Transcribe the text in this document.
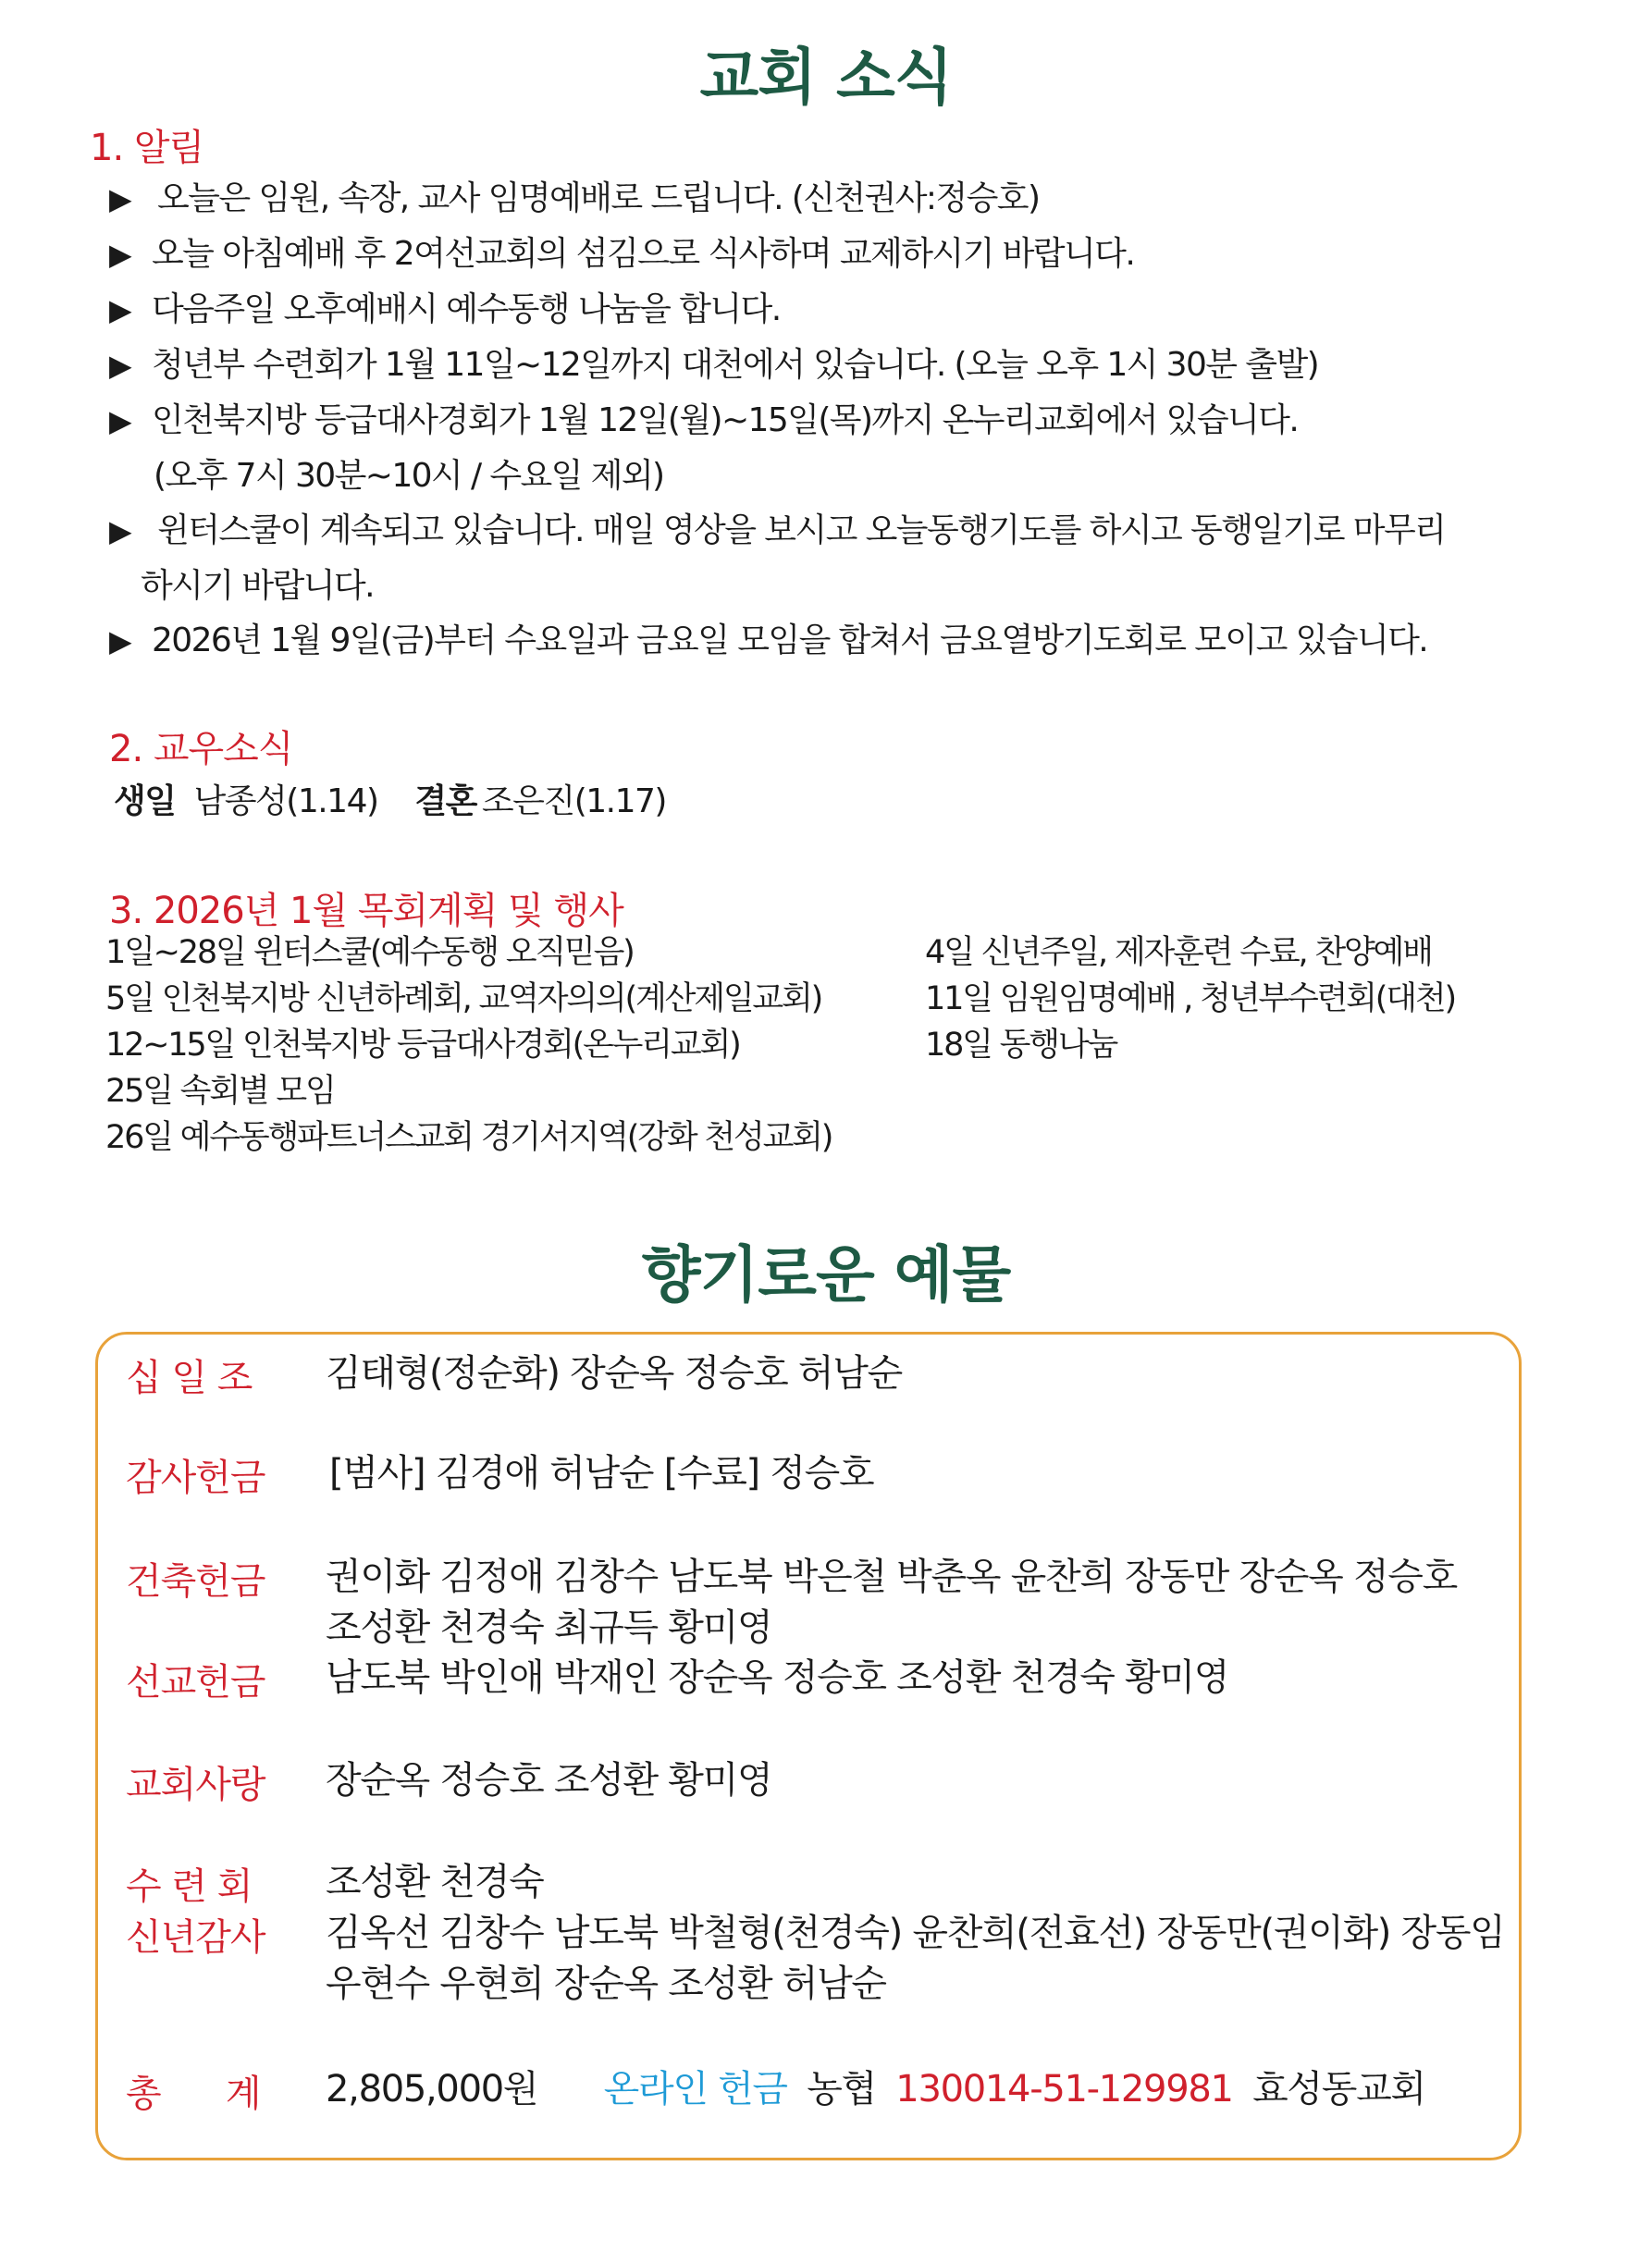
교회 소식
1. 알림
▶ 오늘은 임원, 속장, 교사 임명예배로 드립니다. (신천권사:정승호)
▶ 오늘 아침예배 후 2여선교회의 섬김으로 식사하며 교제하시기 바랍니다.
▶ 다음주일 오후예배시 예수동행 나눔을 합니다.
▶ 청년부 수련회가 1월 11일~12일까지 대천에서 있습니다. (오늘 오후 1시 30분 출발)
▶ 인천북지방 등급대사경회가 1월 12일(월)~15일(목)까지 온누리교회에서 있습니다.
(오후 7시 30분~10시 / 수요일 제외)
▶ 윈터스쿨이 계속되고 있습니다. 매일 영상을 보시고 오늘동행기도를 하시고 동행일기로 마무리
하시기 바랍니다.
▶ 2026년 1월 9일(금)부터 수요일과 금요일 모임을 합쳐서 금요열방기도회로 모이고 있습니다.
2. 교우소식
생일 남종성(1.14) 결혼 조은진(1.17)
3. 2026년 1월 목회계획 및 행사
1일~28일 윈터스쿨(예수동행 오직믿음)
5일 인천북지방 신년하례회, 교역자의의(계산제일교회)
12~15일 인천북지방 등급대사경회(온누리교회)
25일 속회별 모임
26일 예수동행파트너스교회 경기서지역(강화 천성교회)
4일 신년주일, 제자훈련 수료, 찬양예배
11일 임원임명예배 , 청년부수련회(대천)
18일 동행나눔
향기로운 예물
십 일 조 김태형(정순화) 장순옥 정승호 허남순
감사헌금 [범사] 김경애 허남순 [수료] 정승호
건축헌금 권이화 김정애 김창수 남도북 박은철 박춘옥 윤찬희 장동만 장순옥 정승호
조성환 천경숙 최규득 황미영
선교헌금 남도북 박인애 박재인 장순옥 정승호 조성환 천경숙 황미영
교회사랑 장순옥 정승호 조성환 황미영
수 련 회 조성환 천경숙
신년감사 김옥선 김창수 남도북 박철형(천경숙) 윤찬희(전효선) 장동만(권이화) 장동임
우현수 우현희 장순옥 조성환 허남순
총      계 2,805,000원 온라인 헌금 농협 130014-51-129981 효성동교회
